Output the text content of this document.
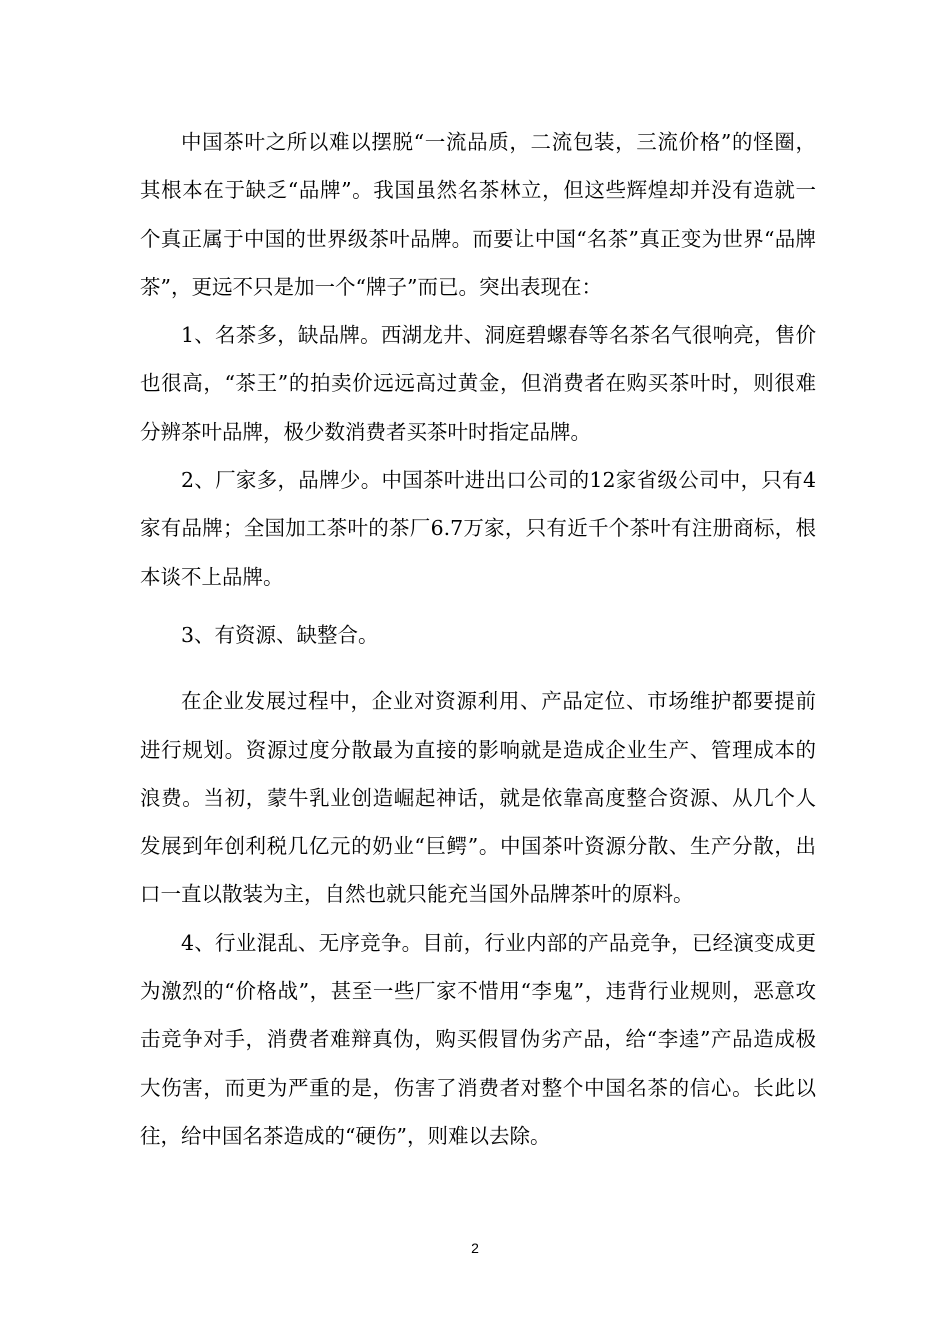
中国茶叶之所以难以摆脱“一流品质，二流包装，三流价格”的怪圈，其根本在于缺乏“品牌”。我国虽然名茶林立，但这些辉煌却并没有造就一个真正属于中国的世界级茶叶品牌。而要让中国“名茶”真正变为世界“品牌茶”，更远不只是加一个“牌子”而已。突出表现在：

1、名茶多，缺品牌。西湖龙井、洞庭碧螺春等名茶名气很响亮，售价也很高，“茶王”的拍卖价远远高过黄金，但消费者在购买茶叶时，则很难分辨茶叶品牌，极少数消费者买茶叶时指定品牌。

2、厂家多，品牌少。中国茶叶进出口公司的12家省级公司中，只有4家有品牌；全国加工茶叶的茶厂6.7万家，只有近千个茶叶有注册商标，根本谈不上品牌。

3、有资源、缺整合。

在企业发展过程中，企业对资源利用、产品定位、市场维护都要提前进行规划。资源过度分散最为直接的影响就是造成企业生产、管理成本的浪费。当初，蒙牛乳业创造崛起神话，就是依靠高度整合资源、从几个人发展到年创利税几亿元的奶业“巨鳄”。中国茶叶资源分散、生产分散，出口一直以散装为主，自然也就只能充当国外品牌茶叶的原料。

4、行业混乱、无序竞争。目前，行业内部的产品竞争，已经演变成更为激烈的“价格战”，甚至一些厂家不惜用“李鬼”，违背行业规则，恶意攻击竞争对手，消费者难辩真伪，购买假冒伪劣产品，给“李逵”产品造成极大伤害，而更为严重的是，伤害了消费者对整个中国名茶的信心。长此以往，给中国名茶造成的“硬伤”，则难以去除。

2
